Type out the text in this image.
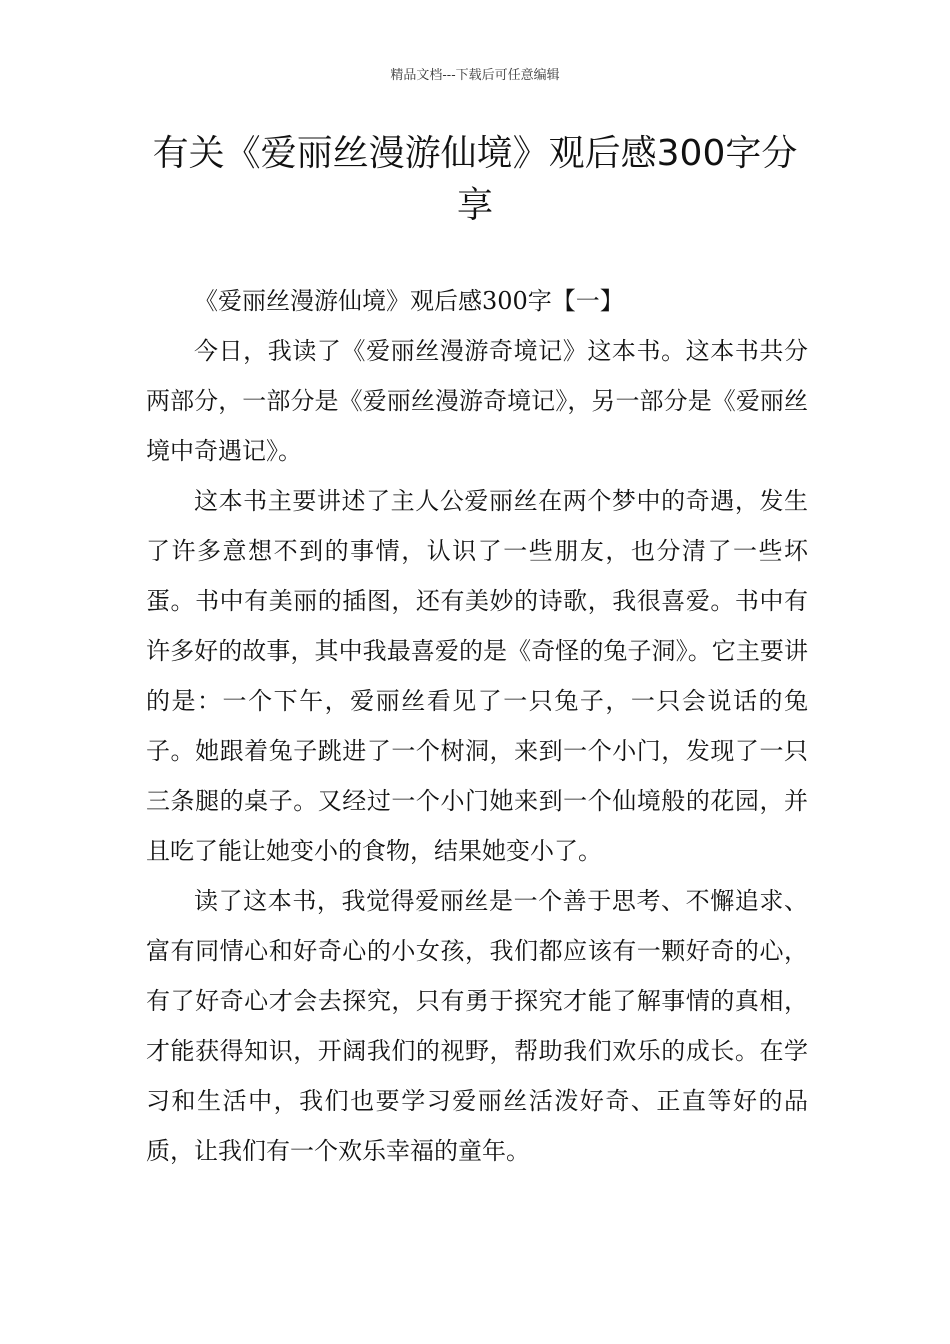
精品文档---下载后可任意编辑
有关《爱丽丝漫游仙境》观后感300字分享

《爱丽丝漫游仙境》观后感300字【一】

今日，我读了《爱丽丝漫游奇境记》这本书。这本书共分两部分，一部分是《爱丽丝漫游奇境记》，另一部分是《爱丽丝境中奇遇记》。

这本书主要讲述了主人公爱丽丝在两个梦中的奇遇，发生了许多意想不到的事情，认识了一些朋友，也分清了一些坏蛋。书中有美丽的插图，还有美妙的诗歌，我很喜爱。书中有许多好的故事，其中我最喜爱的是《奇怪的兔子洞》。它主要讲的是：一个下午，爱丽丝看见了一只兔子，一只会说话的兔子。她跟着兔子跳进了一个树洞，来到一个小门，发现了一只三条腿的桌子。又经过一个小门她来到一个仙境般的花园，并且吃了能让她变小的食物，结果她变小了。

读了这本书，我觉得爱丽丝是一个善于思考、不懈追求、富有同情心和好奇心的小女孩，我们都应该有一颗好奇的心，有了好奇心才会去探究，只有勇于探究才能了解事情的真相，才能获得知识，开阔我们的视野，帮助我们欢乐的成长。在学习和生活中，我们也要学习爱丽丝活泼好奇、正直等好的品质，让我们有一个欢乐幸福的童年。
